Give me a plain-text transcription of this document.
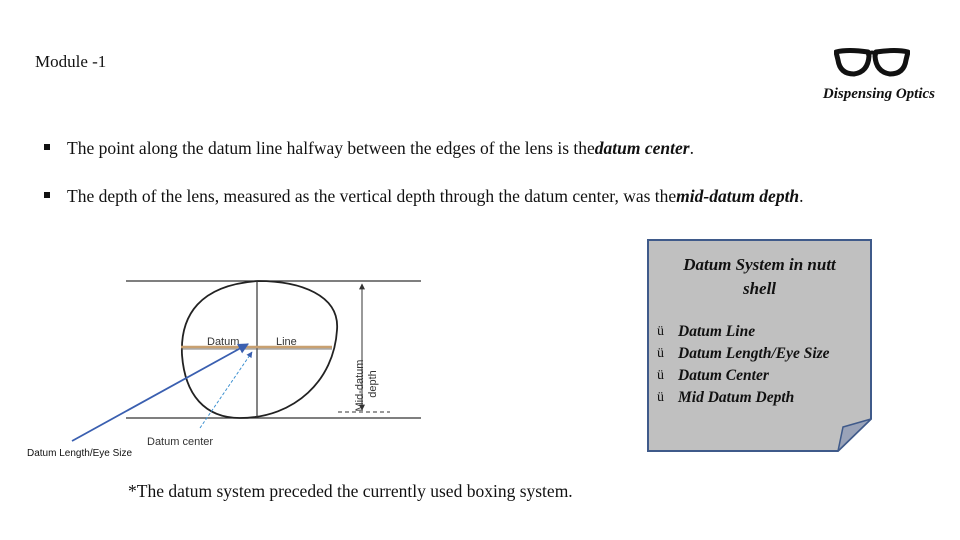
Module -1
Dispensing Optics
The point along the datum line halfway between the edges of the lens is the datum center .
The depth of the lens, measured as the vertical depth through the datum center, was the mid-datum depth .
Datum	Line
Mid-datum depth
Datum center
Datum Length/Eye Size
Datum System in nutt
shell
ü Datum Line
ü Datum Length/Eye Size
ü Datum Center
ü Mid Datum Depth
*The datum system preceded the currently used boxing system.
